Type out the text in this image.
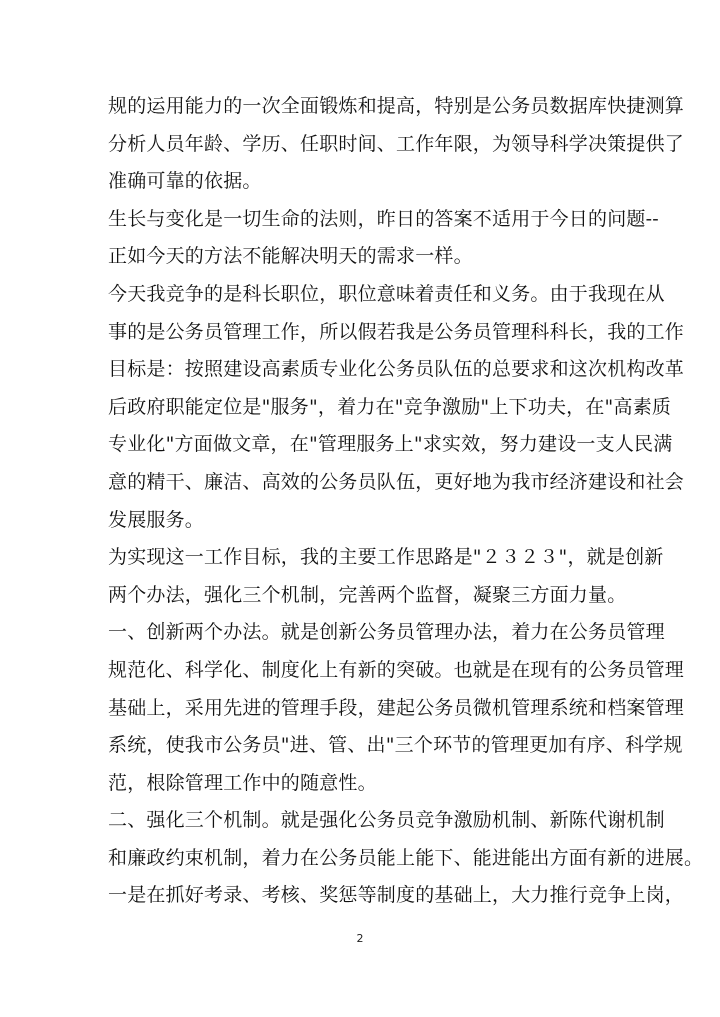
规的运用能力的一次全面锻炼和提高，特别是公务员数据库快捷测算
分析人员年龄、学历、任职时间、工作年限，为领导科学决策提供了
准确可靠的依据。
生长与变化是一切生命的法则，昨日的答案不适用于今日的问题--
正如今天的方法不能解决明天的需求一样。
今天我竞争的是科长职位，职位意味着责任和义务。由于我现在从
事的是公务员管理工作，所以假若我是公务员管理科科长，我的工作
目标是：按照建设高素质专业化公务员队伍的总要求和这次机构改革
后政府职能定位是"服务"，着力在"竞争激励"上下功夫，在"高素质
专业化"方面做文章，在"管理服务上"求实效，努力建设一支人民满
意的精干、廉洁、高效的公务员队伍，更好地为我市经济建设和社会
发展服务。
为实现这一工作目标，我的主要工作思路是"２３２３"，就是创新
两个办法，强化三个机制，完善两个监督，凝聚三方面力量。
一、创新两个办法。就是创新公务员管理办法，着力在公务员管理
规范化、科学化、制度化上有新的突破。也就是在现有的公务员管理
基础上，采用先进的管理手段，建起公务员微机管理系统和档案管理
系统，使我市公务员"进、管、出"三个环节的管理更加有序、科学规
范，根除管理工作中的随意性。
二、强化三个机制。就是强化公务员竞争激励机制、新陈代谢机制
和廉政约束机制，着力在公务员能上能下、能进能出方面有新的进展。
一是在抓好考录、考核、奖惩等制度的基础上，大力推行竞争上岗，
2
